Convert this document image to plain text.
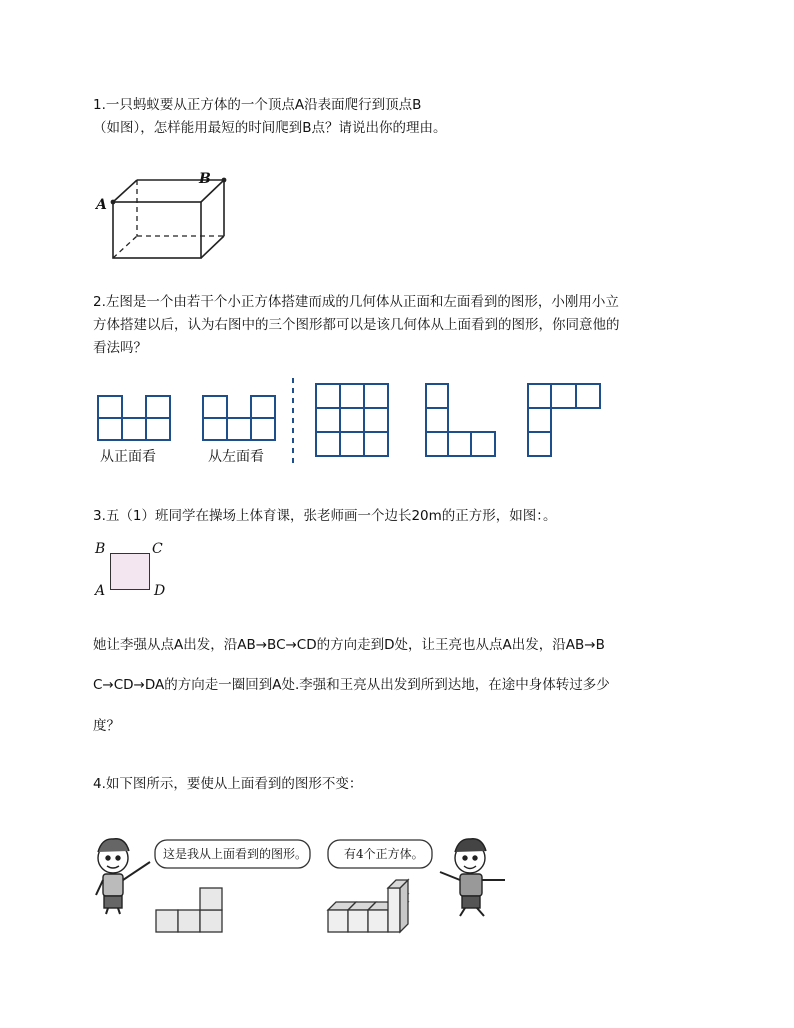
1.一只蚂蚁要从正方体的一个顶点A沿表面爬行到顶点B
（如图），怎样能用最短的时间爬到B点？请说出你的理由。
A
B
2.左图是一个由若干个小正方体搭建而成的几何体从正面和左面看到的图形，小刚用小立
方体搭建以后，认为右图中的三个图形都可以是该几何体从上面看到的图形，你同意他的
看法吗？
从正面看	从左面看
3.五（1）班同学在操场上体育课，张老师画一个边长20m的正方形，如图：。
B	C
A	D
她让李强从点A出发，沿AB→BC→CD的方向走到D处，让王亮也从点A出发，沿AB→B
C→CD→DA的方向走一圈回到A处.李强和王亮从出发到所到达地，在途中身体转过多少
度？
4.如下图所示，要使从上面看到的图形不变：
这是我从上面看到的图形。	有4个正方体。
